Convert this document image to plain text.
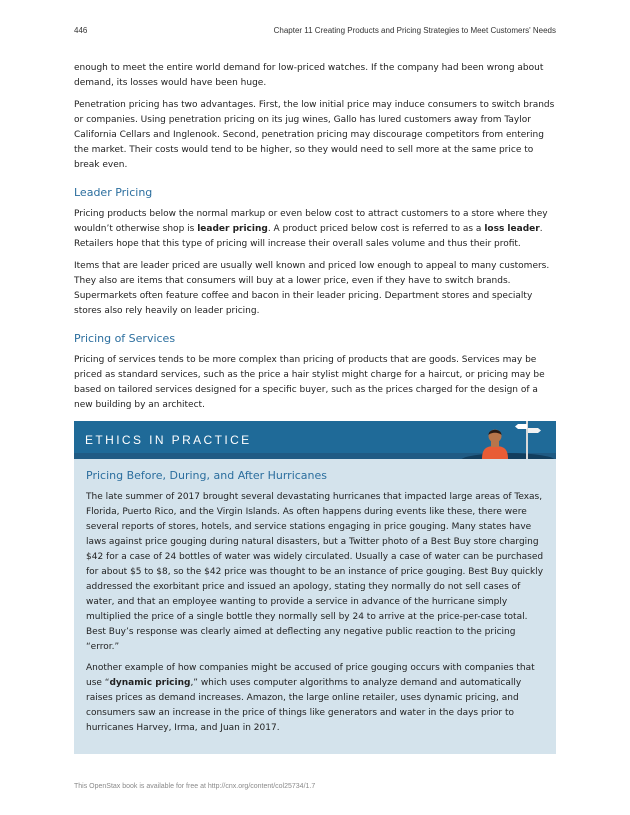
446	Chapter 11 Creating Products and Pricing Strategies to Meet Customers' Needs

enough to meet the entire world demand for low-priced watches. If the company had been wrong about demand, its losses would have been huge.

Penetration pricing has two advantages. First, the low initial price may induce consumers to switch brands or companies. Using penetration pricing on its jug wines, Gallo has lured customers away from Taylor California Cellars and Inglenook. Second, penetration pricing may discourage competitors from entering the market. Their costs would tend to be higher, so they would need to sell more at the same price to break even.

Leader Pricing

Pricing products below the normal markup or even below cost to attract customers to a store where they wouldn’t otherwise shop is leader pricing. A product priced below cost is referred to as a loss leader. Retailers hope that this type of pricing will increase their overall sales volume and thus their profit.

Items that are leader priced are usually well known and priced low enough to appeal to many customers. They also are items that consumers will buy at a lower price, even if they have to switch brands. Supermarkets often feature coffee and bacon in their leader pricing. Department stores and specialty stores also rely heavily on leader pricing.

Pricing of Services

Pricing of services tends to be more complex than pricing of products that are goods. Services may be priced as standard services, such as the price a hair stylist might charge for a haircut, or pricing may be based on tailored services designed for a specific buyer, such as the prices charged for the design of a new building by an architect.

ETHICS IN PRACTICE
Pricing Before, During, and After Hurricanes

The late summer of 2017 brought several devastating hurricanes that impacted large areas of Texas, Florida, Puerto Rico, and the Virgin Islands. As often happens during events like these, there were several reports of stores, hotels, and service stations engaging in price gouging. Many states have laws against price gouging during natural disasters, but a Twitter photo of a Best Buy store charging $42 for a case of 24 bottles of water was widely circulated. Usually a case of water can be purchased for about $5 to $8, so the $42 price was thought to be an instance of price gouging. Best Buy quickly addressed the exorbitant price and issued an apology, stating they normally do not sell cases of water, and that an employee wanting to provide a service in advance of the hurricane simply multiplied the price of a single bottle they normally sell by 24 to arrive at the price-per-case total. Best Buy’s response was clearly aimed at deflecting any negative public reaction to the pricing “error.”

Another example of how companies might be accused of price gouging occurs with companies that use “dynamic pricing,” which uses computer algorithms to analyze demand and automatically raises prices as demand increases. Amazon, the large online retailer, uses dynamic pricing, and consumers saw an increase in the price of things like generators and water in the days prior to hurricanes Harvey, Irma, and Juan in 2017.

This OpenStax book is available for free at http://cnx.org/content/col25734/1.7
